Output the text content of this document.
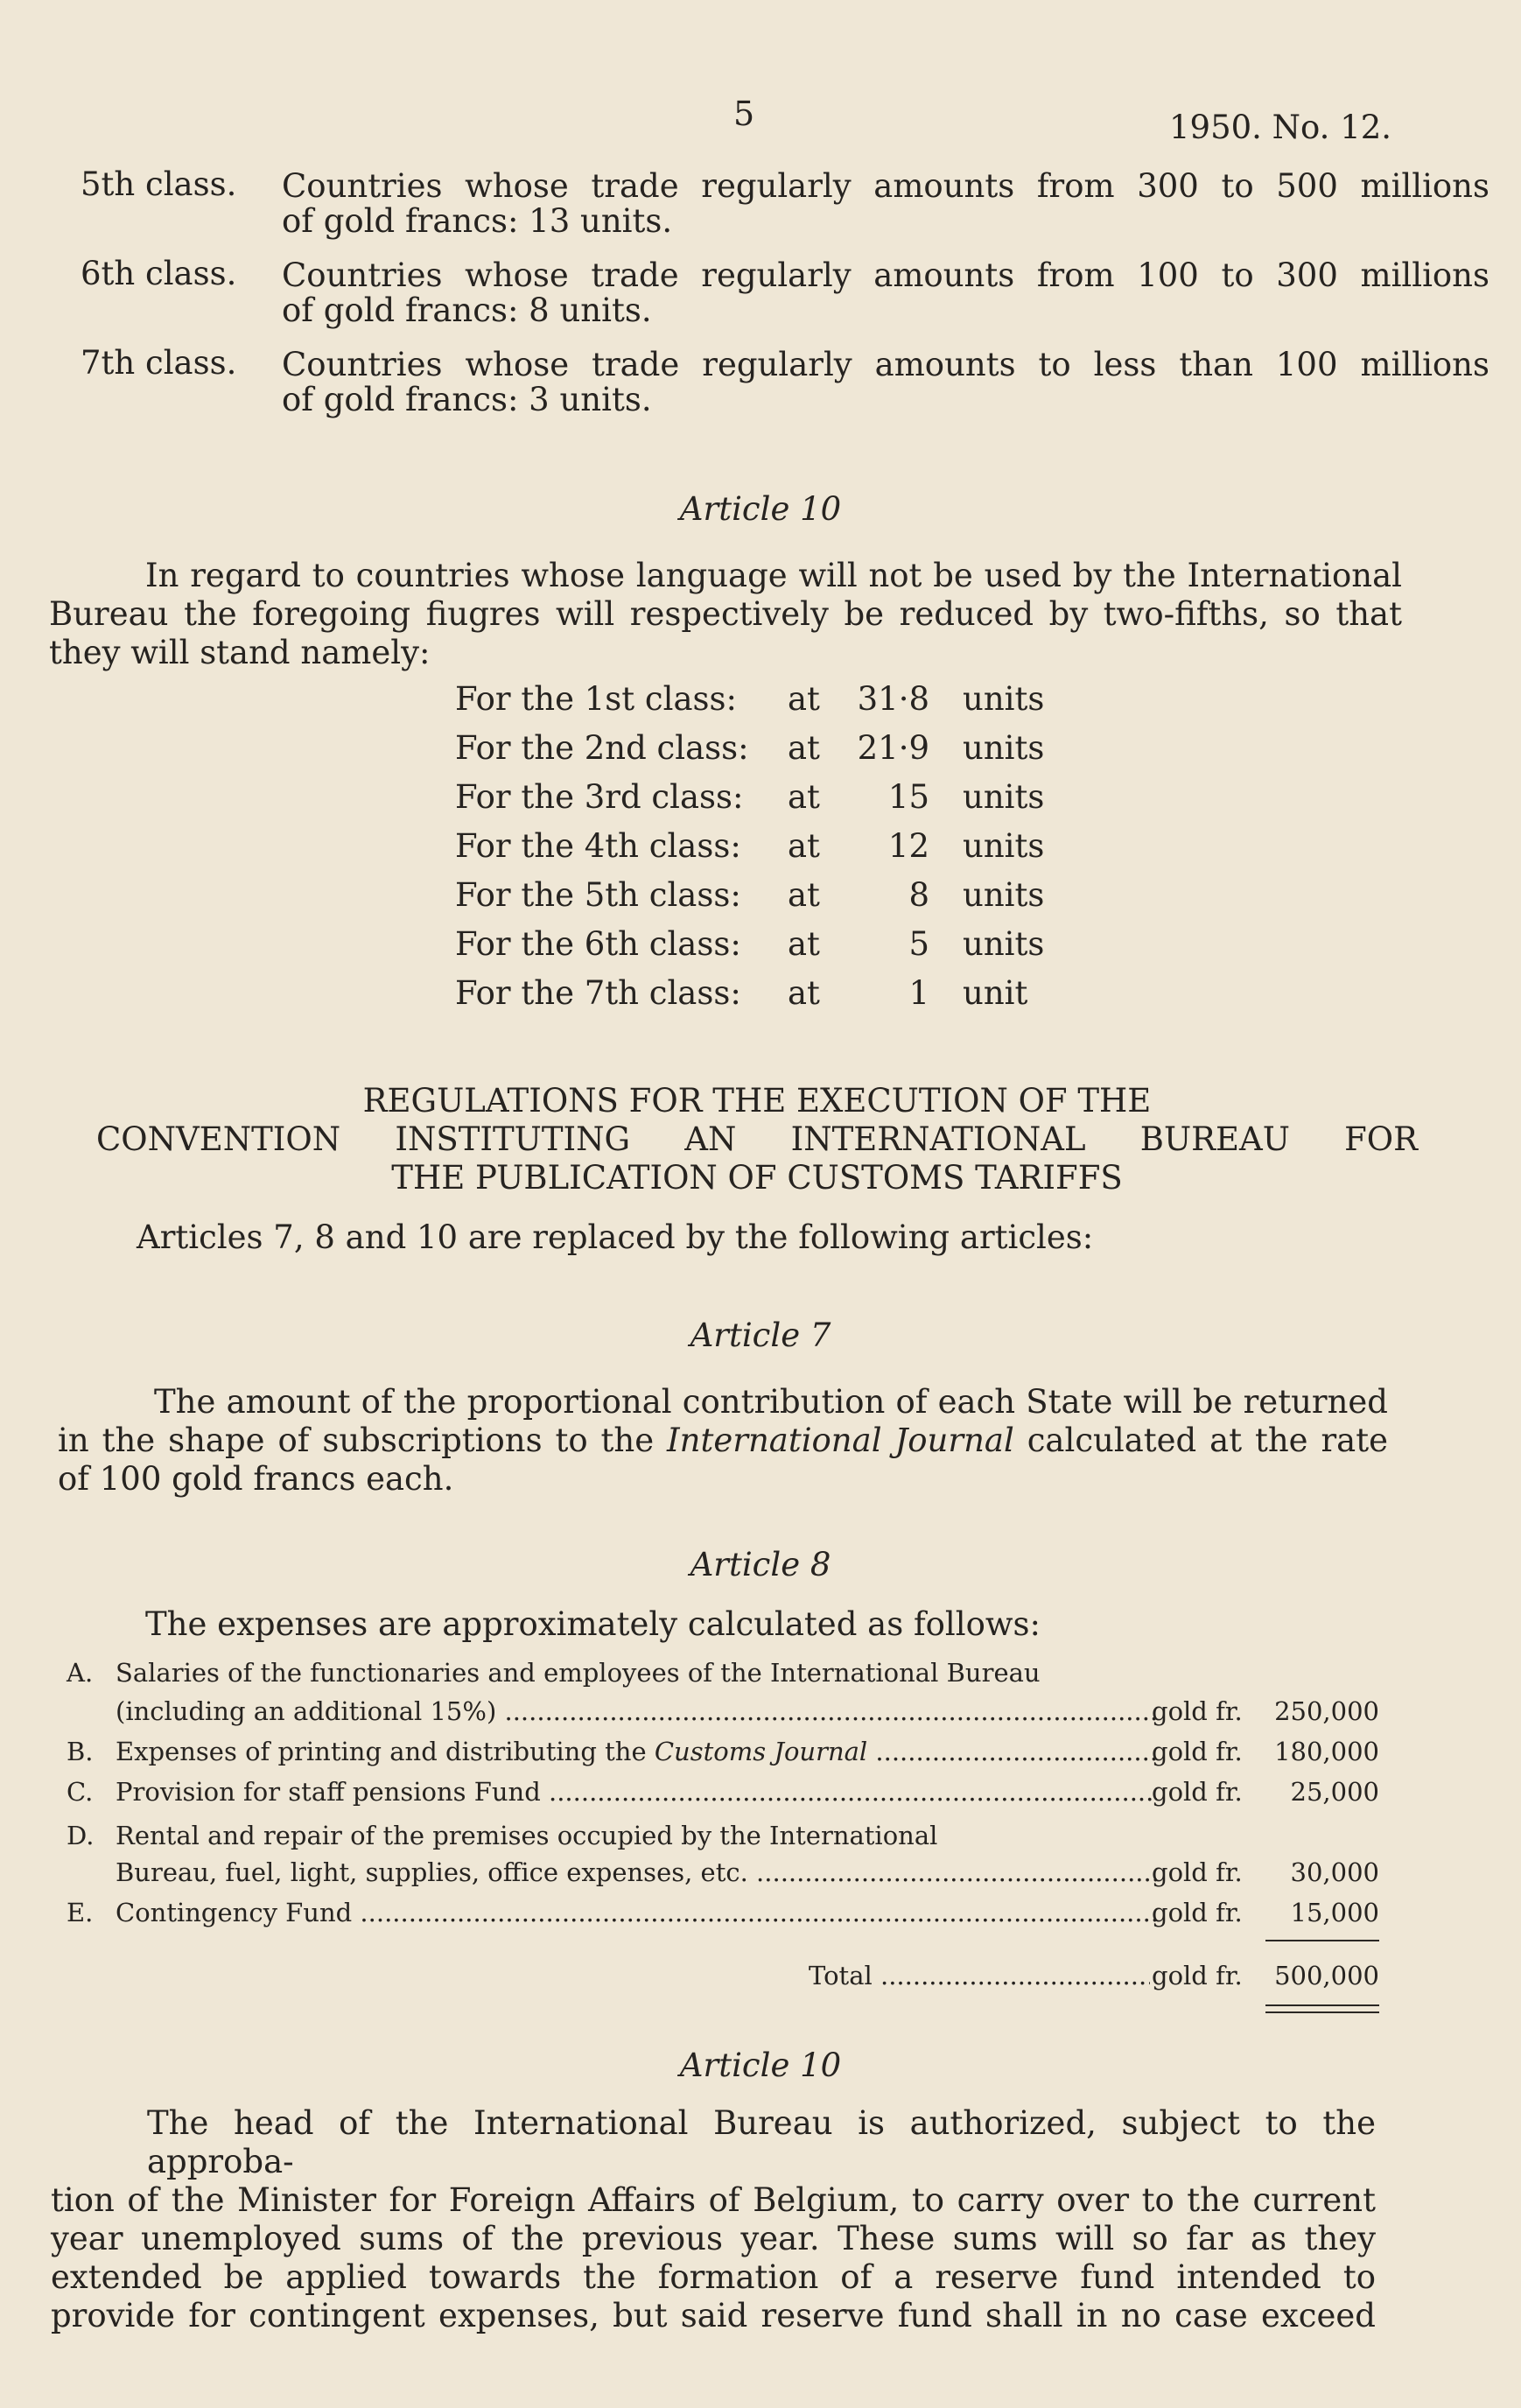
5	1950. No. 12.
5th class. Countries whose trade regularly amounts from 300 to 500 millions
of gold francs: 13 units.
6th class. Countries whose trade regularly amounts from 100 to 300 millions
of gold francs: 8 units.
7th class. Countries whose trade regularly amounts to less than 100 millions
of gold francs: 3 units.
Article 10
In regard to countries whose language will not be used by the International
Bureau the foregoing fiugres will respectively be reduced by two-fifths, so that
they will stand namely:
For the 1st class:	at	31·8	units
For the 2nd class:	at	21·9	units
For the 3rd class:	at	15	units
For the 4th class:	at	12	units
For the 5th class:	at	8	units
For the 6th class:	at	5	units
For the 7th class:	at	1	unit
REGULATIONS FOR THE EXECUTION OF THE
CONVENTION INSTITUTING AN INTERNATIONAL BUREAU FOR
THE PUBLICATION OF CUSTOMS TARIFFS
Articles 7, 8 and 10 are replaced by the following articles:
Article 7
The amount of the proportional contribution of each State will be returned
in the shape of subscriptions to the International Journal calculated at the rate
of 100 gold francs each.
Article 8
The expenses are approximately calculated as follows:
A. Salaries of the functionaries and employees of the International Bureau
(including an additional 15%) .....	gold fr. 250,000
B. Expenses of printing and distributing the Customs Journal .....	gold fr. 180,000
C. Provision for staff pensions Fund .....	gold fr. 25,000
D. Rental and repair of the premises occupied by the International
Bureau, fuel, light, supplies, office expenses, etc. .....	gold fr. 30,000
E. Contingency Fund .....	gold fr. 15,000
Total .....	gold fr. 500,000
Article 10
The head of the International Bureau is authorized, subject to the approba-
tion of the Minister for Foreign Affairs of Belgium, to carry over to the current
year unemployed sums of the previous year. These sums will so far as they
extended be applied towards the formation of a reserve fund intended to
provide for contingent expenses, but said reserve fund shall in no case exceed
